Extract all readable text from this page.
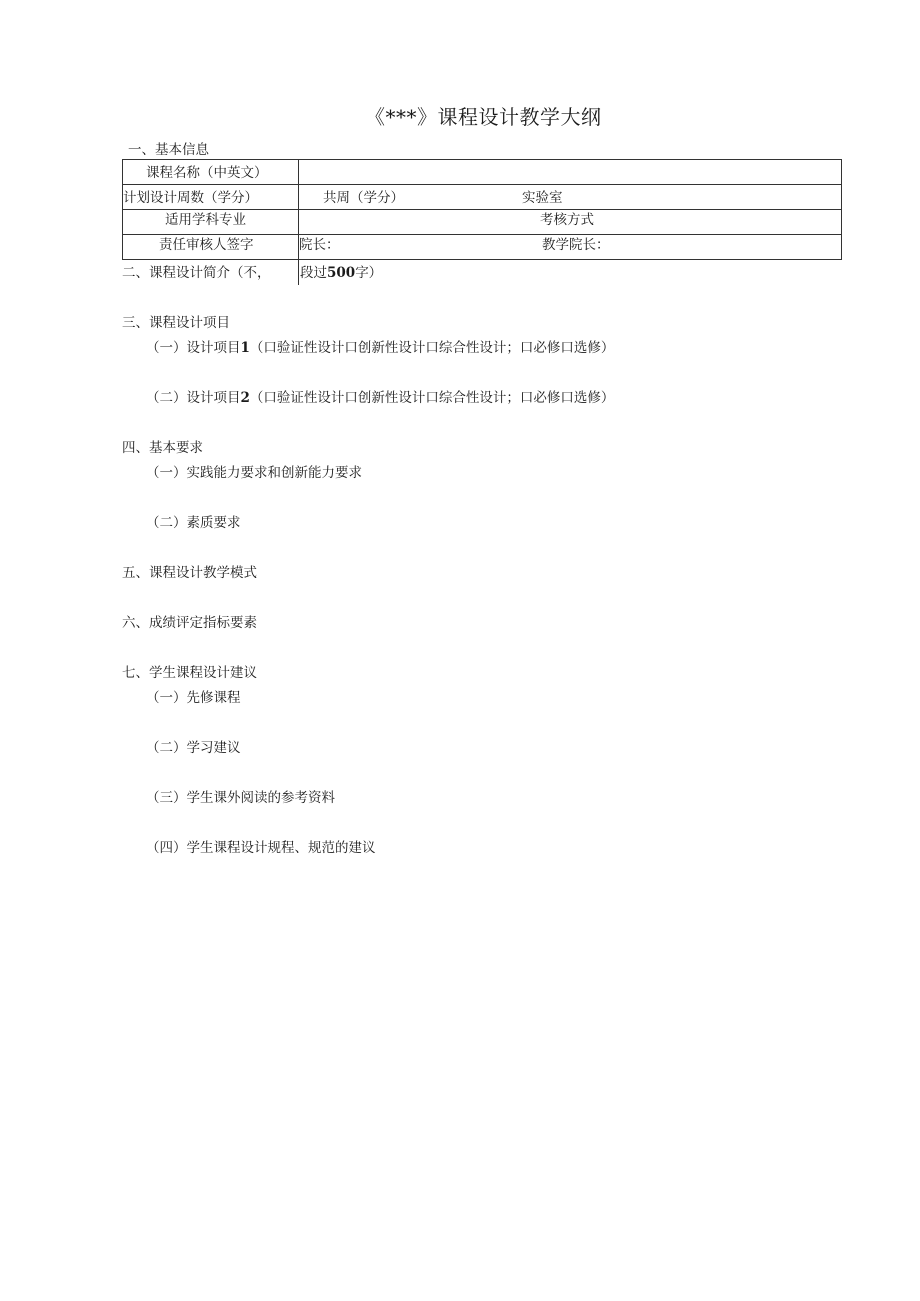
《***》课程设计教学大纲
一、基本信息
课程名称（中英文）
计划设计周数（学分）	共周（学分）	实验室
适用学科专业	考核方式
责任审核人签字	院长：	教学院长：
二、课程设计简介（不， 段过500字）
三、课程设计项目
（一）设计项目1（口验证性设计口创新性设计口综合性设计；口必修口选修）
（二）设计项目2（口验证性设计口创新性设计口综合性设计；口必修口选修）
四、基本要求
（一）实践能力要求和创新能力要求
（二）素质要求
五、课程设计教学模式
六、成绩评定指标要素
七、学生课程设计建议
（一）先修课程
（二）学习建议
（三）学生课外阅读的参考资料
（四）学生课程设计规程、规范的建议
